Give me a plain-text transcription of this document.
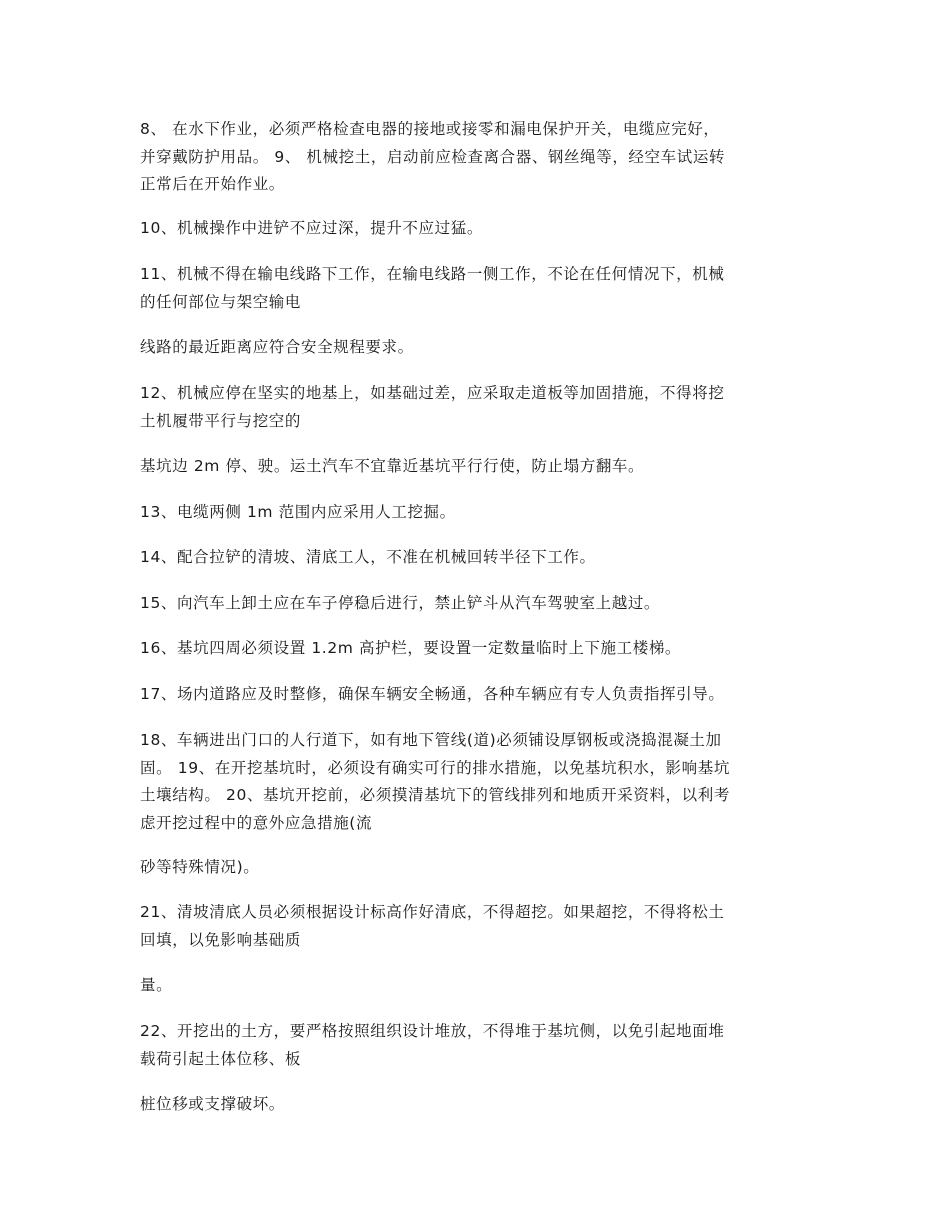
8、 在水下作业，必须严格检查电器的接地或接零和漏电保护开关，电缆应完好，
并穿戴防护用品。 9、 机械挖土，启动前应检查离合器、钢丝绳等，经空车试运转
正常后在开始作业。
10、机械操作中进铲不应过深，提升不应过猛。
11、机械不得在输电线路下工作，在输电线路一侧工作，不论在任何情况下，机械
的任何部位与架空输电
线路的最近距离应符合安全规程要求。
12、机械应停在坚实的地基上，如基础过差，应采取走道板等加固措施，不得将挖
土机履带平行与挖空的
基坑边 2m 停、驶。运土汽车不宜靠近基坑平行行使，防止塌方翻车。
13、电缆两侧 1m 范围内应采用人工挖掘。
14、配合拉铲的清坡、清底工人，不准在机械回转半径下工作。
15、向汽车上卸土应在车子停稳后进行，禁止铲斗从汽车驾驶室上越过。
16、基坑四周必须设置 1.2m 高护栏，要设置一定数量临时上下施工楼梯。
17、场内道路应及时整修，确保车辆安全畅通，各种车辆应有专人负责指挥引导。
18、车辆进出门口的人行道下，如有地下管线(道)必须铺设厚钢板或浇捣混凝土加
固。 19、在开挖基坑时，必须设有确实可行的排水措施，以免基坑积水，影响基坑
土壤结构。 20、基坑开挖前，必须摸清基坑下的管线排列和地质开采资料，以利考
虑开挖过程中的意外应急措施(流
砂等特殊情况)。
21、清坡清底人员必须根据设计标高作好清底，不得超挖。如果超挖，不得将松土
回填，以免影响基础质
量。
22、开挖出的土方，要严格按照组织设计堆放，不得堆于基坑侧，以免引起地面堆
载荷引起土体位移、板
桩位移或支撑破坏。
